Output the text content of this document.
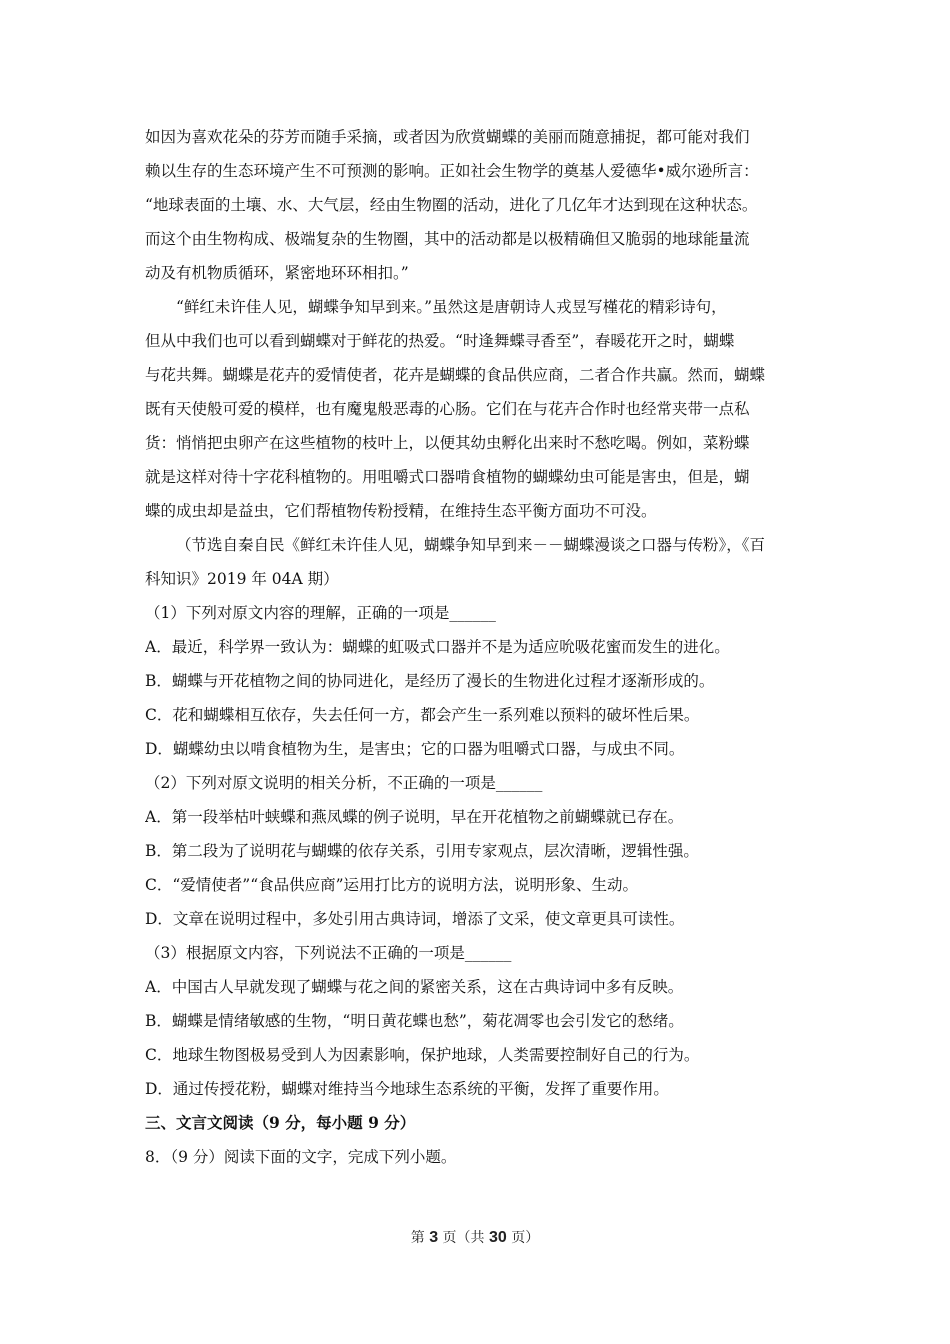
如因为喜欢花朵的芬芳而随手采摘，或者因为欣赏蝴蝶的美丽而随意捕捉，都可能对我们
赖以生存的生态环境产生不可预测的影响。正如社会生物学的奠基人爱德华•威尔逊所言：
“地球表面的土壤、水、大气层，经由生物圈的活动，进化了几亿年才达到现在这种状态。
而这个由生物构成、极端复杂的生物圈，其中的活动都是以极精确但又脆弱的地球能量流
动及有机物质循环，紧密地环环相扣。”
“鲜红未许佳人见，蝴蝶争知早到来。”虽然这是唐朝诗人戎昱写槿花的精彩诗句，
但从中我们也可以看到蝴蝶对于鲜花的热爱。“时逢舞蝶寻香至”，春暖花开之时，蝴蝶
与花共舞。蝴蝶是花卉的爱情使者，花卉是蝴蝶的食品供应商，二者合作共赢。然而，蝴蝶
既有天使般可爱的模样，也有魔鬼般恶毒的心肠。它们在与花卉合作时也经常夹带一点私
货：悄悄把虫卵产在这些植物的枝叶上，以便其幼虫孵化出来时不愁吃喝。例如，菜粉蝶
就是这样对待十字花科植物的。用咀嚼式口器啃食植物的蝴蝶幼虫可能是害虫，但是，蝴
蝶的成虫却是益虫，它们帮植物传粉授精，在维持生态平衡方面功不可没。
（节选自秦自民《鲜红未许佳人见，蝴蝶争知早到来－－蝴蝶漫谈之口器与传粉》，《百
科知识》2019 年 04A 期）
（1）下列对原文内容的理解，正确的一项是______
A．最近，科学界一致认为：蝴蝶的虹吸式口器并不是为适应吮吸花蜜而发生的进化。
B．蝴蝶与开花植物之间的协同进化，是经历了漫长的生物进化过程才逐渐形成的。
C．花和蝴蝶相互依存，失去任何一方，都会产生一系列难以预料的破坏性后果。
D．蝴蝶幼虫以啃食植物为生，是害虫；它的口器为咀嚼式口器，与成虫不同。
（2）下列对原文说明的相关分析，不正确的一项是______
A．第一段举枯叶蛱蝶和燕凤蝶的例子说明，早在开花植物之前蝴蝶就已存在。
B．第二段为了说明花与蝴蝶的依存关系，引用专家观点，层次清晰，逻辑性强。
C．“爱情使者”“食品供应商”运用打比方的说明方法，说明形象、生动。
D．文章在说明过程中，多处引用古典诗词，增添了文采，使文章更具可读性。
（3）根据原文内容，下列说法不正确的一项是______
A．中国古人早就发现了蝴蝶与花之间的紧密关系，这在古典诗词中多有反映。
B．蝴蝶是情绪敏感的生物，“明日黄花蝶也愁”，菊花凋零也会引发它的愁绪。
C．地球生物图极易受到人为因素影响，保护地球，人类需要控制好自己的行为。
D．通过传授花粉，蝴蝶对维持当今地球生态系统的平衡，发挥了重要作用。
三、文言文阅读（9 分，每小题 9 分）
8．（9 分）阅读下面的文字，完成下列小题。
第 3 页（共 30 页）
